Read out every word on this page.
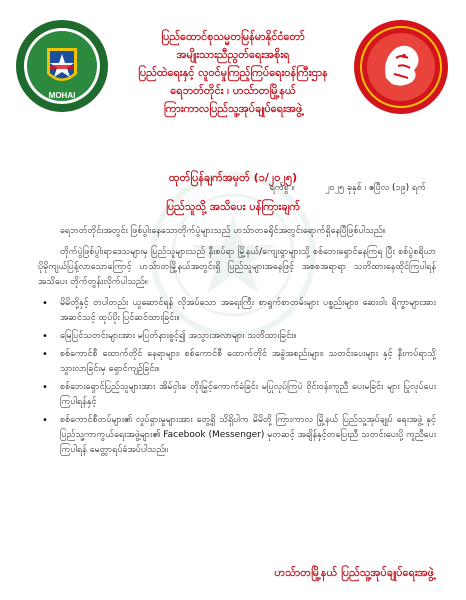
MOHAI
ပြည်ထောင်စုသမ္မတမြန်မာနိုင်ငံတော်
အမျိုးသားညီညွတ်ရေးအစိုးရ
ပြည်ထဲရေးနှင့် လူဝင်မှုကြည့်ကြပ်ရေးဝန်ကြီးဌာန
ရေဘတ်တိုင်း ၊ ဟသ်ာတမြို့နယ်
ကြားကာလပြည်သူ့အုပ်ချုပ်ရေးအဖွဲ့
ထုတ်ပြန်ချက်အမှတ် (၁/၂၀၂၅)
ရက်စွဲ ။	၂၀၂၅ ခုနှစ် ၊ ဧပြီလ (၁၉) ရက်
ပြည်သူသို့ အသိပေး ပန်ကြားချက်

ရေဘတ်တိုင်းအတွင်း ဖြစ်ပွါးနေသောတိုက်ပွဲများသည် ဟသ်ာတခရိုင်အတွင်းရောက်ရှိနေပြီဖြစ်ပါသည်။

တိုက်ပွဲဖြစ်ပွါးရာဒေသများမှ ပြည်သူများသည် နီးစပ်ရာ မြို့နယ်/ကျေးရွာများသို့ စစ်ဘေးရှောင်နေကြရ ပြီး စစ်ပွဲစရိယာ ပိုမိုကျယ်ပြန့်လာသောကြောင့် ဟသ်ာတမြို့နယ်အတွင်းရှိ ပြည်သူများအနေဖြင့် အစစအရာရာ သတိထားနေထိုင်ကြပါရန် အသိပေး တိုက်တွန်းလိုက်ပါသည်။

• မိမိတို့နှင့် တပါတည်း ယူဆောင်ရန် လိုအပ်သော အရေးကြီး စာရွက်စာတမ်းများ ပစ္စည်းများ၊ ဆေးဝါး ရိက္ခာများအား အဆင်သင့် ထုပ်ပိုး ပြင်ဆင်ထားခြင်း။
• မြေပြင်သတင်းများအား မပြတ်နားစွင့်၍ အသွားအလာများ သတိထားခြင်း။
• စစ်ကောင်စီ ထောက်တိုင် နေရာများ၊ စစ်ကောင်စီ ထောက်တိုင် အခွဲအစည်းများ၊ သတင်းပေးများ နှင့် နီးကပ်ရာသို့ သွားလာခြင်းမှ ရှောင်ကျဉ်ခြင်း။
• စစ်ဘေးရှောင်ပြည်သူများအား အိမ်ငှါးခ တိုးမြှင့်ကောက်ခံခြင်း မပြုလုပ်ကြပဲ ဝိုင်းဝန်းကူညီ ပေးမခြင်း များ ပြုလုပ်ပေးကြပါရန်နှင့်
• စစ်ကောင်စီတပ်များ၏ လှုပ်ရှားမှုများအား တွေ့ရှိ သိရှိပါက မိမိတို့ ကြားကာလ မြို့နယ် ပြည်သူ့အုပ်ချုပ် ရေးအဖွဲ့ နှင့် ပြည်သူ့ကာကွယ်ရေးအဖွဲ့များ၏ Facebook (Messenger) မှတဆင့် အချိန်နှင့်တပြေးညီ သတင်းပေးပို့ ကူညီပေးကြပါရန် မေတ္တာရပ်ခံအပ်ပါသည်။
ဟသ်ာတမြို့နယ် ပြည်သူ့အုပ်ချုပ်ရေးအဖွဲ့
